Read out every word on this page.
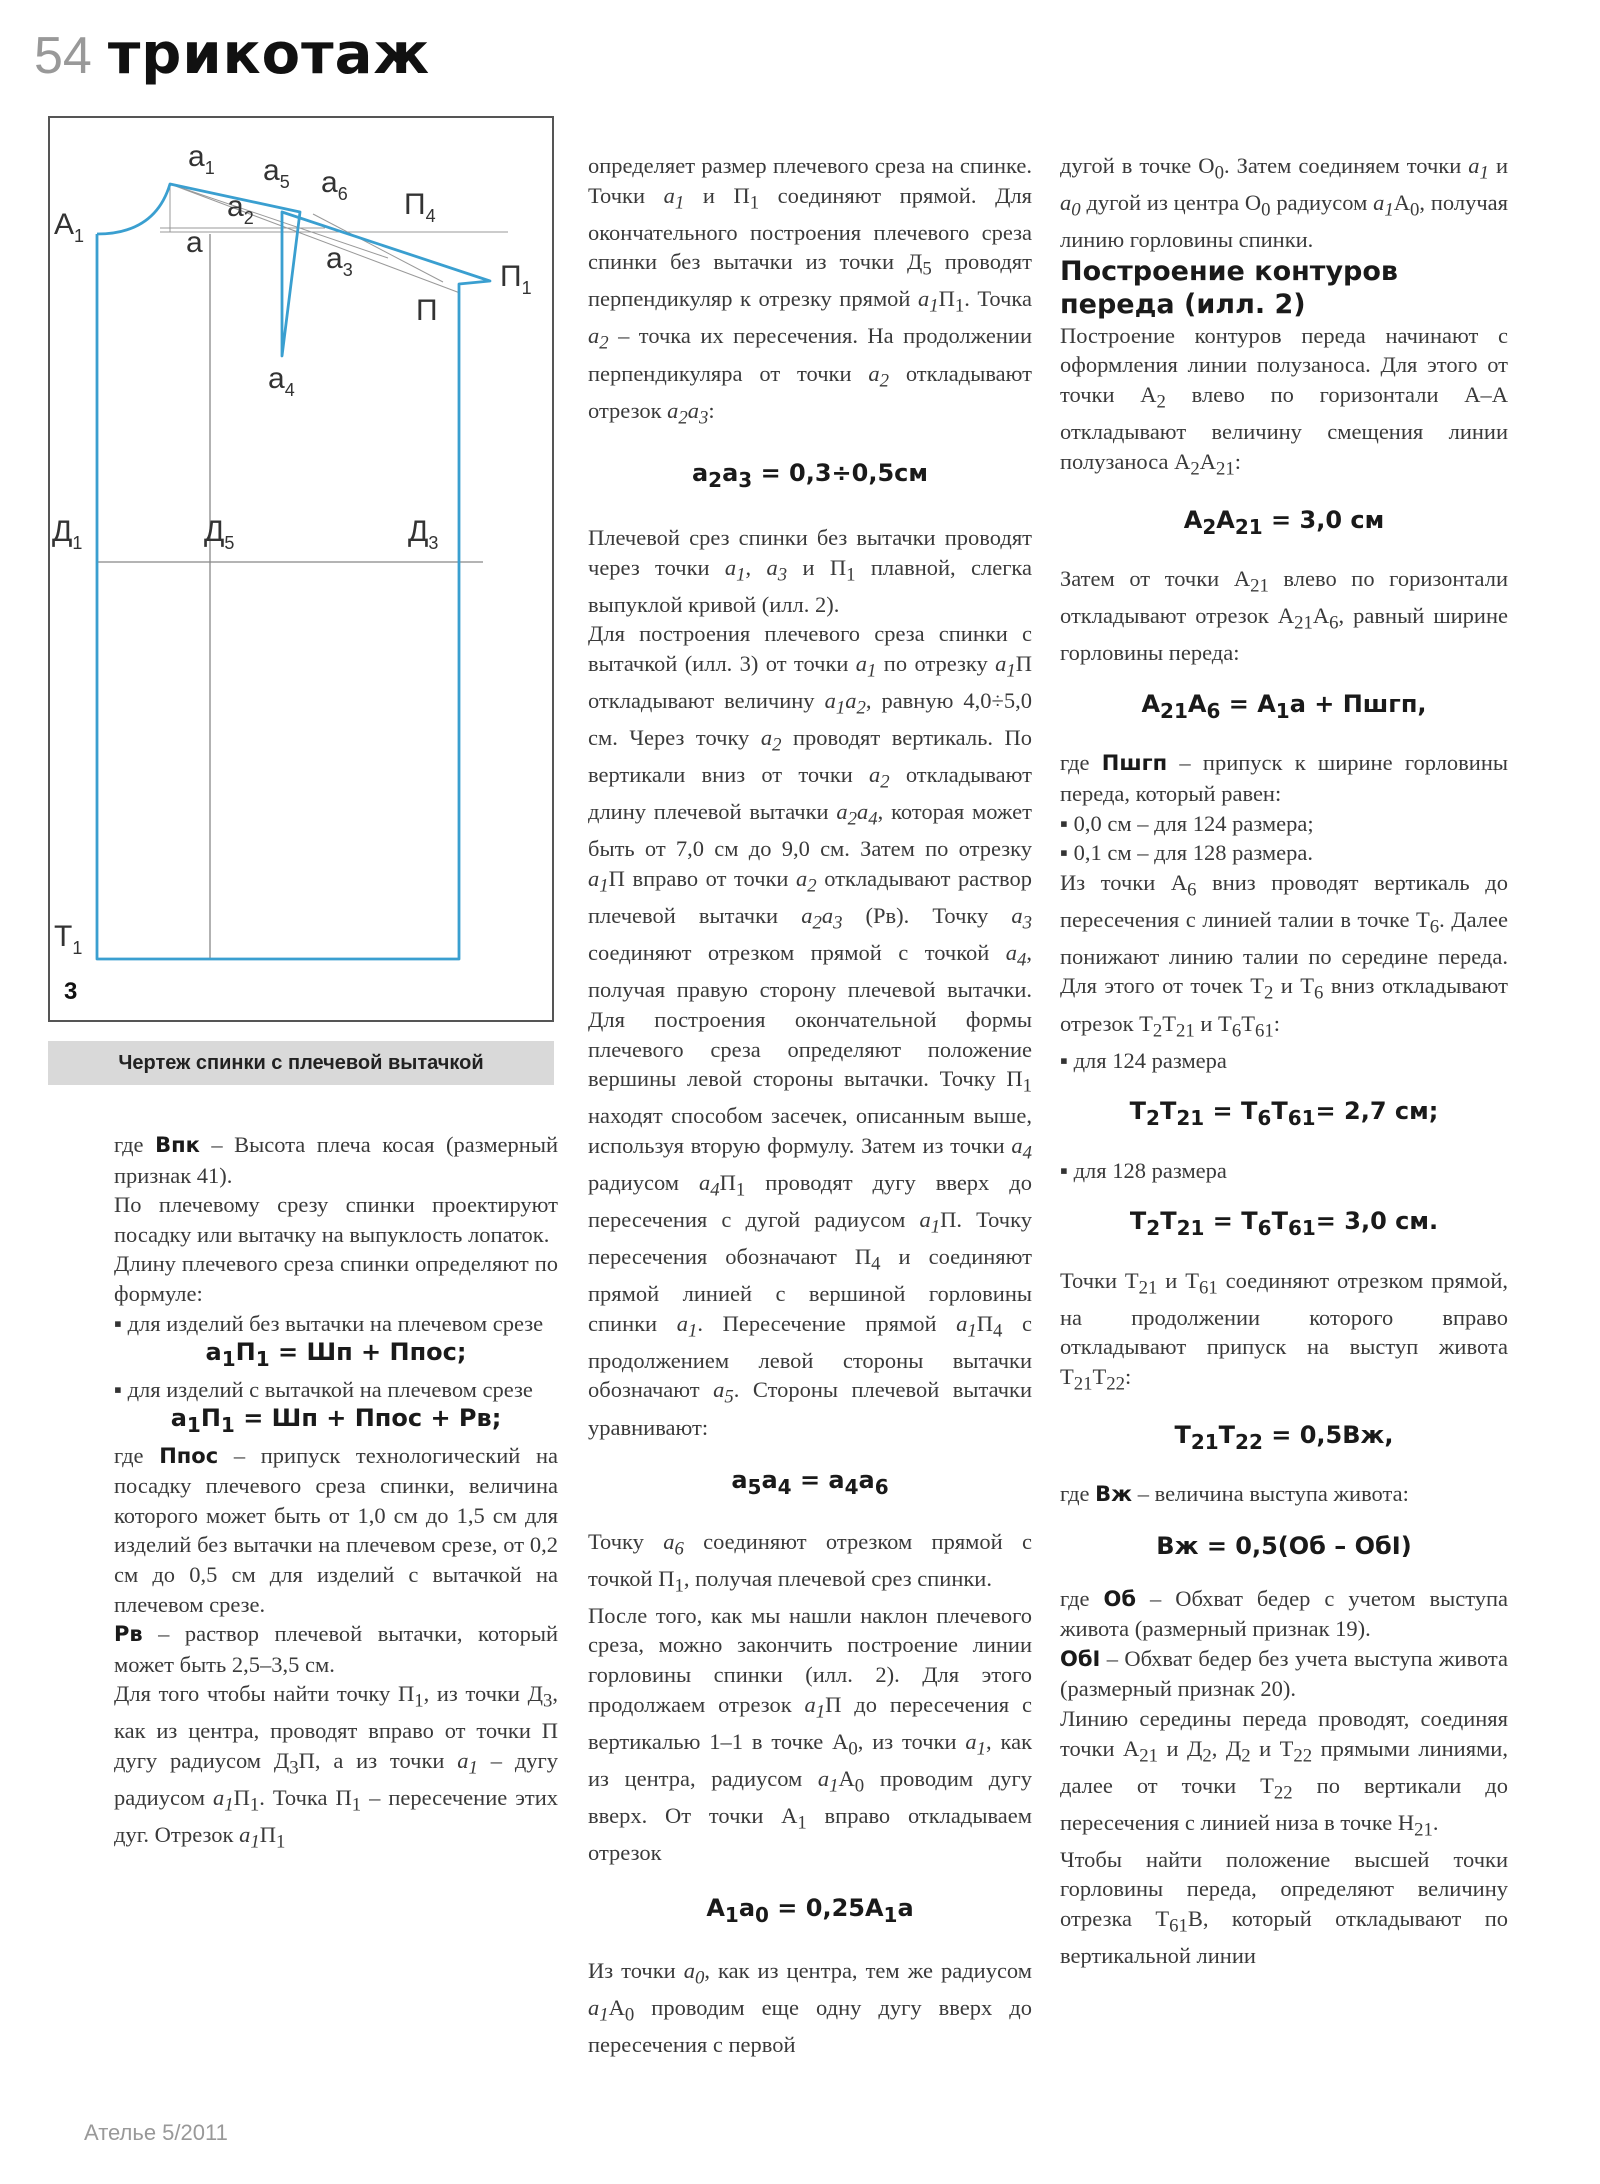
54 трикотаж
$a_1$ $a_5$ $a_6$
$a_2$
$A_1$	a
$П_4$
$a_3$	$П_1$
П
$a_4$
$Д_1$	$Д_5$	$Д_3$
$Т_1$
3
Чертеж спинки с плечевой вытачкой

где Впк – Высота плеча косая (размерный признак 41).

По плечевому срезу спинки проектируют посадку или вытачку на выпуклость лопаток.

Длину плечевого среза спинки определяют по формуле:

▪ для изделий без вытачки на плечевом срезе

$a_1П_1$ = Шп + Ппос;

▪ для изделий с вытачкой на плечевом срезе

$a_1П_1$ = Шп + Ппос + Рв;

где Ппос – припуск технологический на посадку плечевого среза спинки, величина которого может быть от 1,0 см до 1,5 см для изделий без вытачки на плечевом срезе, от 0,2 см до 0,5 см для изделий с вытачкой на плечевом срезе.

Рв – раствор плечевой вытачки, который может быть 2,5–3,5 см.

Для того чтобы найти точку $П_1$, из точки $Д_3$, как из центра, проводят вправо от точки П дугу радиусом $Д_3П$, а из точки $a_1$ – дугу радиусом $a_1П_1$. Точка $П_1$ – пересечение этих дуг. Отрезок $a_1П_1$

определяет размер плечевого среза на спинке. Точки $a_1$ и $П_1$ соединяют прямой. Для окончательного построения плечевого среза спинки без вытачки из точки $Д_5$ проводят перпендикуляр к отрезку прямой $a_1П_1$. Точка $a_2$ – точка их пересечения. На продолжении перпендикуляра от точки $a_2$ откладывают отрезок $a_2a_3$:

$a_2a_3 = 0,3\div 0,5см$

Плечевой срез спинки без вытачки проводят через точки $a_1$, $a_3$ и $П_1$ плавной, слегка выпуклой кривой (илл. 2).

Для построения плечевого среза спинки с вытачкой (илл. 3) от точки $a_1$ по отрезку $a_1П$ откладывают величину $a_1a_2$, равную 4,0÷5,0 см. Через точку $a_2$ проводят вертикаль. По вертикали вниз от точки $a_2$ откладывают длину плечевой вытачки $a_2a_4$, которая может быть от 7,0 см до 9,0 см. Затем по отрезку $a_1П$ вправо от точки $a_2$ откладывают раствор плечевой вытачки $a_2a_3$ (Рв). Точку $a_3$ соединяют отрезком прямой с точкой $a_4$, получая правую сторону плечевой вытачки. Для построения окончательной формы плечевого среза определяют положение вершины левой стороны вытачки. Точку $П_1$ находят способом засечек, описанным выше, используя вторую формулу. Затем из точки $a_4$ радиусом $a_4П_1$ проводят дугу вверх до пересечения с дугой радиусом $a_1П$. Точку пересечения обозначают $П_4$ и соединяют прямой линией с вершиной горловины спинки $a_1$. Пересечение прямой $a_1П_4$ с продолжением левой стороны вытачки обозначают $a_5$. Стороны плечевой вытачки уравнивают:

$a_5a_4 = a_4a_6$

Точку $a_6$ соединяют отрезком прямой с точкой $П_1$, получая плечевой срез спинки.

После того, как мы нашли наклон плечевого среза, можно закончить построение линии горловины спинки (илл. 2). Для этого продолжаем отрезок $a_1П$ до пересечения с вертикалью 1–1 в точке $А_0$, из точки $a_1$, как из центра, радиусом $a_1А_0$ проводим дугу вверх. От точки $А_1$ вправо откладываем отрезок

$A_1a_0 = 0,25A_1a$

Из точки $a_0$, как из центра, тем же радиусом $a_1А_0$ проводим еще одну дугу вверх до пересечения с первой

дугой в точке $О_0$. Затем соединяем точки $a_1$ и $a_0$ дугой из центра $О_0$ радиусом $a_1А_0$, получая линию горловины спинки.

Построение контуров переда (илл. 2)

Построение контуров переда начинают с оформления линии полузаноса. Для этого от точки $А_2$ влево по горизонтали А–А откладывают величину смещения линии полузаноса $А_2А_{21}$:

$A_2A_{21} = 3,0$ см

Затем от точки $А_{21}$ влево по горизонтали откладывают отрезок $А_{21}А_6$, равный ширине горловины переда:

$A_{21}A_6 = A_1a$ + Пшгп,

где Пшгп – припуск к ширине горловины переда, который равен:

▪ 0,0 см – для 124 размера;

▪ 0,1 см – для 128 размера.

Из точки $А_6$ вниз проводят вертикаль до пересечения с линией талии в точке $Т_6$. Далее понижают линию талии по середине переда. Для этого от точек $Т_2$ и $Т_6$ вниз откладывают отрезок $Т_2Т_{21}$ и $Т_6Т_{61}$:

▪ для 124 размера

$T_2T_{21} = T_6T_{61}= 2,7$ см;

▪ для 128 размера

$T_2T_{21} = T_6T_{61}= 3,0$ см.

Точки $Т_{21}$ и $Т_{61}$ соединяют отрезком прямой, на продолжении которого вправо откладывают припуск на выступ живота $Т_{21}Т_{22}$:

$T_{21}T_{22} = 0,5Вж$,

где Вж – величина выступа живота:

Вж = 0,5(Об – ОбI)

где Об – Обхват бедер с учетом выступа живота (размерный признак 19).

ОбI – Обхват бедер без учета выступа живота (размерный признак 20).

Линию середины переда проводят, соединяя точки $А_{21}$ и $Д_2$, $Д_2$ и $Т_{22}$ прямыми линиями, далее от точки $Т_{22}$ по вертикали до пересечения с линией низа в точке $Н_{21}$.

Чтобы найти положение высшей точки горловины переда, определяют величину отрезка $Т_{61}В$, который откладывают по вертикальной линии

Ателье 5/2011
